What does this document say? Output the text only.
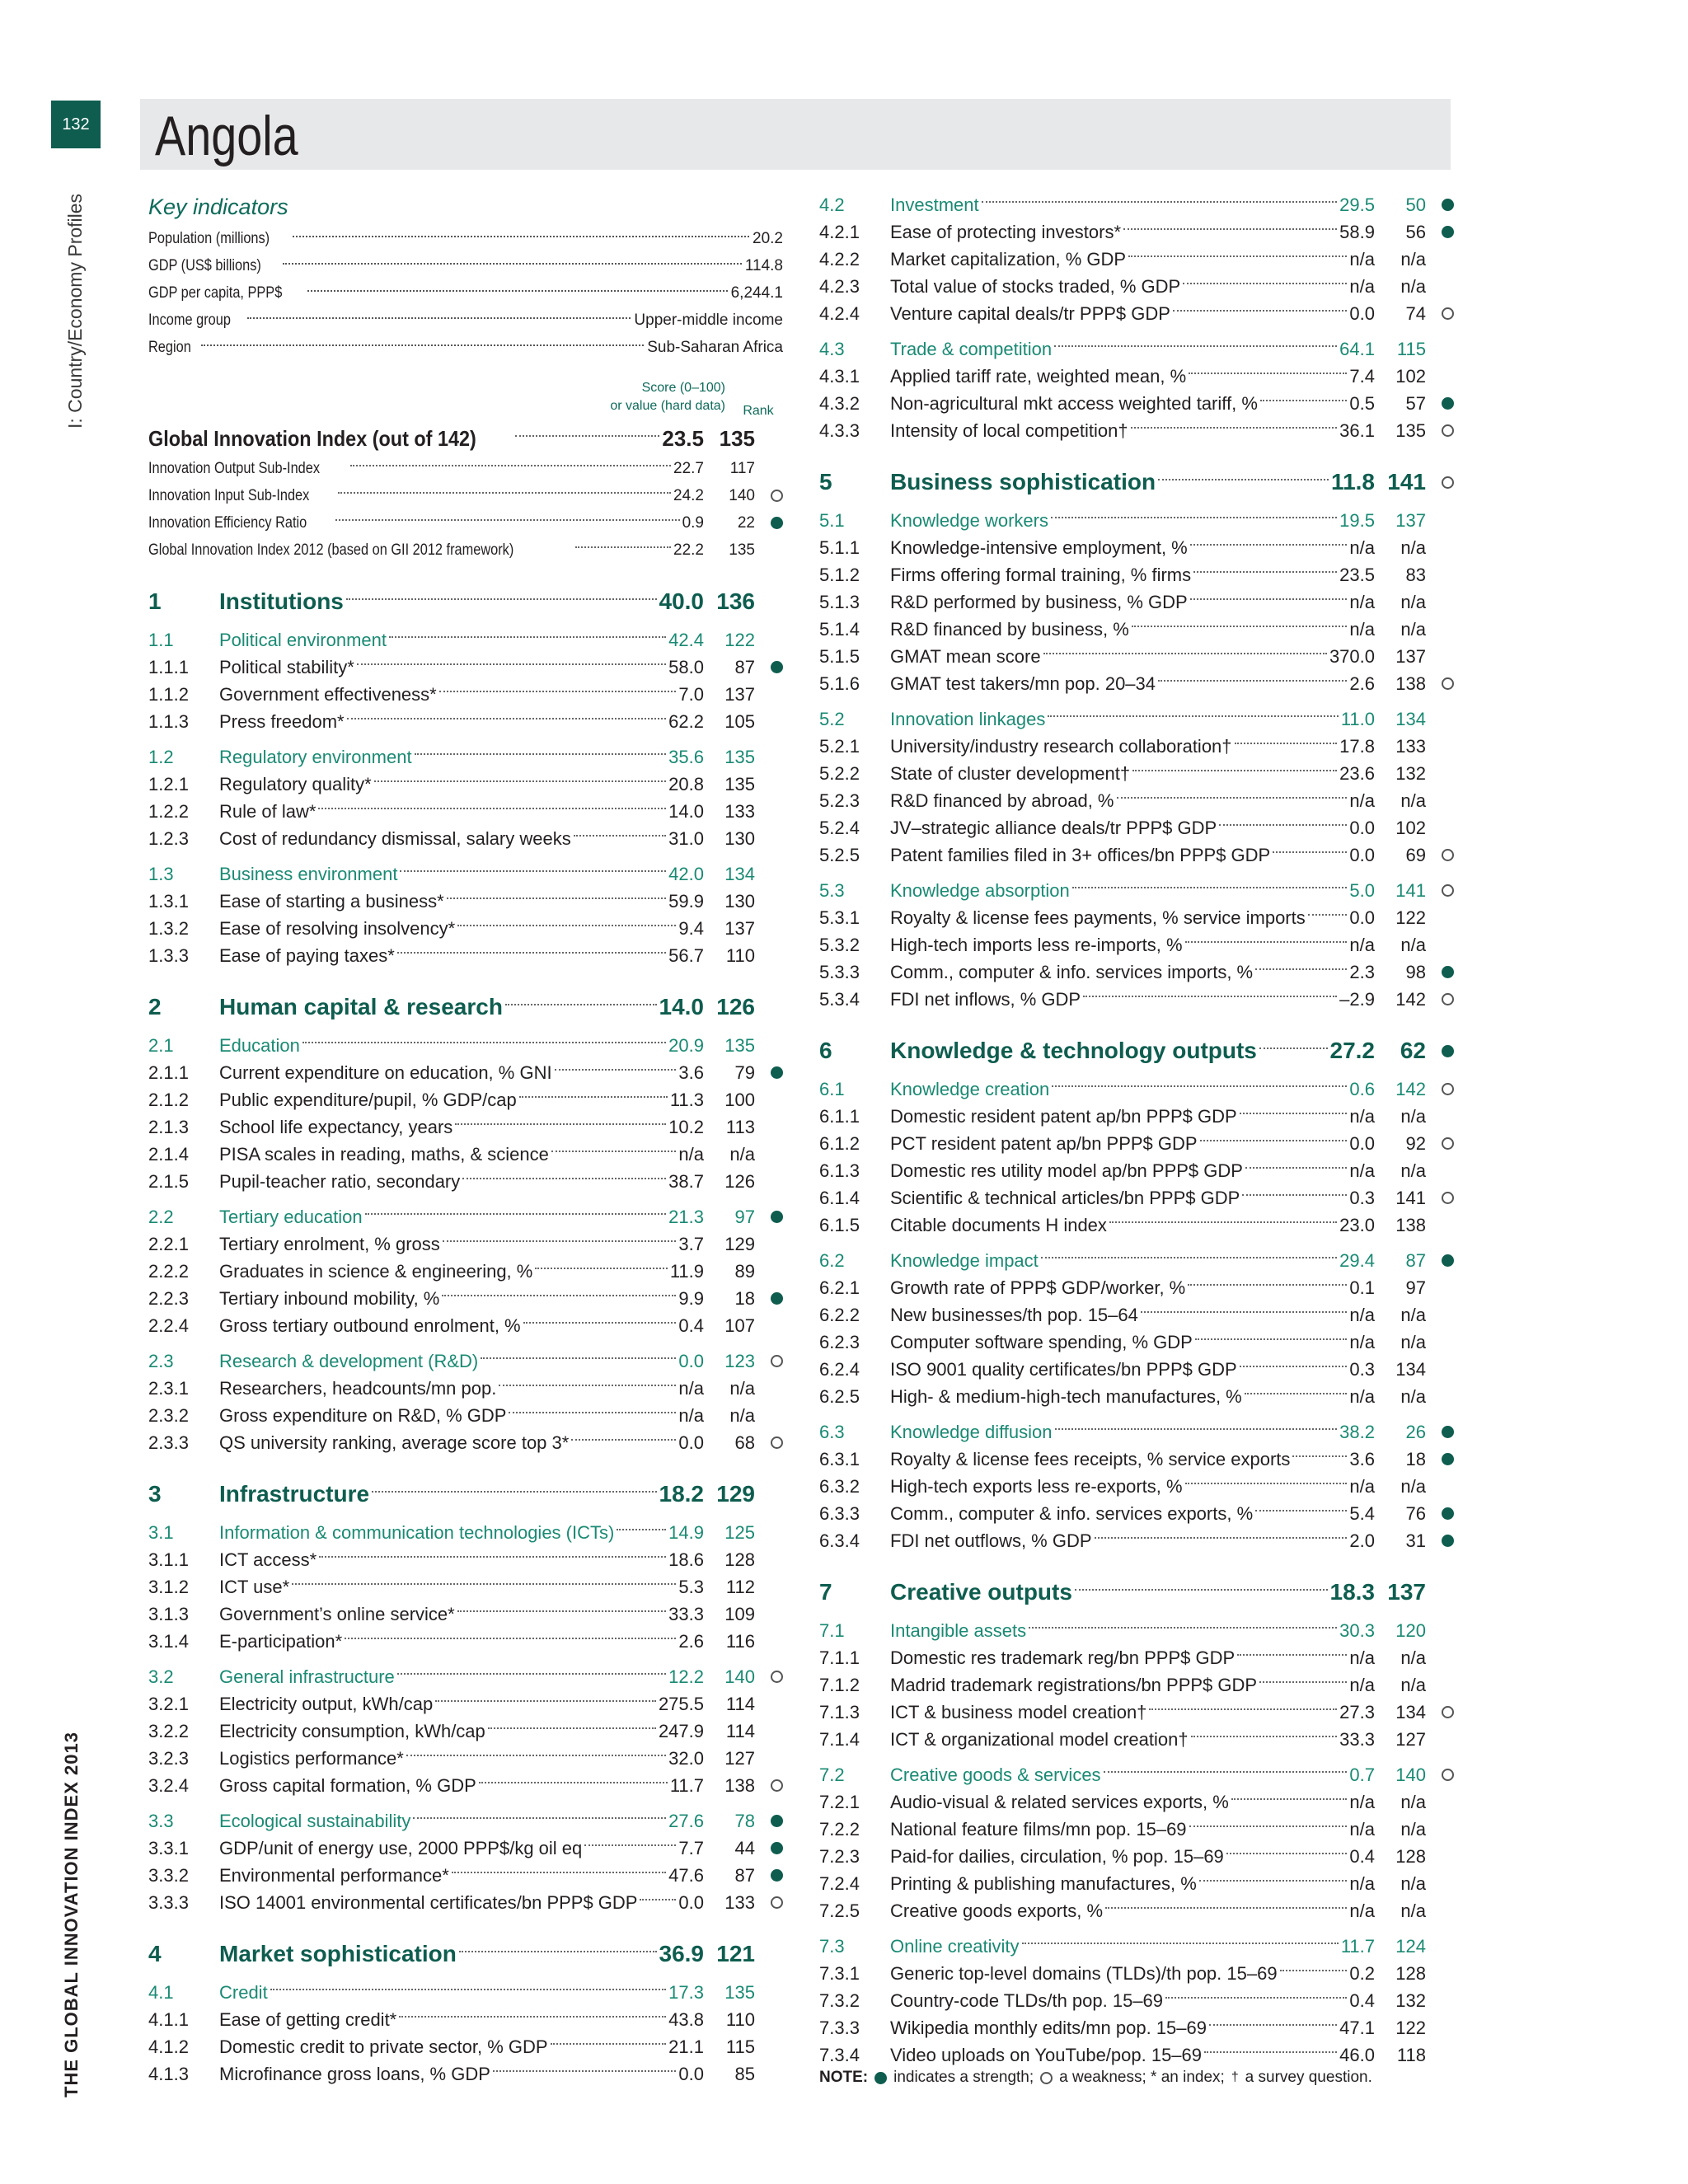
132
I: Country/Economy Profiles
THE GLOBAL INNOVATION INDEX 2013
Angola
Key indicators
Population (millions)	20.2
GDP (US$ billions)	114.8
GDP per capita, PPP$	6,244.1
Income group	Upper-middle income
Region	Sub-Saharan Africa
Score (0–100)
or value (hard data)	Rank
Global Innovation Index (out of 142)	23.5 135
Innovation Output Sub-Index	22.7	117
Innovation Input Sub-Index	24.2	140
Innovation Efficiency Ratio	0.9	22
Global Innovation Index 2012 (based on GII 2012 framework)	22.2	135
1	Institutions	40.0 136
1.1	Political environment	42.4	122
1.1.1	Political stability*	58.0	87
1.1.2	Government effectiveness*	7.0	137
1.1.3	Press freedom*	62.2	105
1.2	Regulatory environment	35.6	135
1.2.1	Regulatory quality*	20.8	135
1.2.2	Rule of law*	14.0	133
1.2.3	Cost of redundancy dismissal, salary weeks	31.0	130
1.3	Business environment	42.0	134
1.3.1	Ease of starting a business*	59.9	130
1.3.2	Ease of resolving insolvency*	9.4	137
1.3.3	Ease of paying taxes*	56.7	110
2	Human capital & research	14.0 126
2.1	Education	20.9	135
2.1.1	Current expenditure on education, % GNI	3.6	79
2.1.2	Public expenditure/pupil, % GDP/cap	11.3	100
2.1.3	School life expectancy, years	10.2	113
2.1.4	PISA scales in reading, maths, & science	n/a	n/a
2.1.5	Pupil-teacher ratio, secondary	38.7	126
2.2	Tertiary education	21.3	97
2.2.1	Tertiary enrolment, % gross	3.7	129
2.2.2	Graduates in science & engineering, %	11.9	89
2.2.3	Tertiary inbound mobility, %	9.9	18
2.2.4	Gross tertiary outbound enrolment, %	0.4	107
2.3	Research & development (R&D)	0.0	123
2.3.1	Researchers, headcounts/mn pop.	n/a	n/a
2.3.2	Gross expenditure on R&D, % GDP	n/a	n/a
2.3.3	QS university ranking, average score top 3*	0.0	68
3	Infrastructure	18.2 129
3.1	Information & communication technologies (ICTs)	14.9	125
3.1.1	ICT access*	18.6	128
3.1.2	ICT use*	5.3	112
3.1.3	Government’s online service*	33.3	109
3.1.4	E-participation*	2.6	116
3.2	General infrastructure	12.2	140
3.2.1	Electricity output, kWh/cap	275.5	114
3.2.2	Electricity consumption, kWh/cap	247.9	114
3.2.3	Logistics performance*	32.0	127
3.2.4	Gross capital formation, % GDP	11.7	138
3.3	Ecological sustainability	27.6	78
3.3.1	GDP/unit of energy use, 2000 PPP$/kg oil eq	7.7	44
3.3.2	Environmental performance*	47.6	87
3.3.3	ISO 14001 environmental certificates/bn PPP$ GDP 0.0	133
4	Market sophistication	36.9 121
4.1	Credit	17.3	135
4.1.1	Ease of getting credit*	43.8	110
4.1.2	Domestic credit to private sector, % GDP	21.1	115
4.1.3	Microfinance gross loans, % GDP	0.0	85
4.2	Investment	29.5	50
4.2.1	Ease of protecting investors*	58.9	56
4.2.2	Market capitalization, % GDP	n/a	n/a
4.2.3	Total value of stocks traded, % GDP	n/a	n/a
4.2.4	Venture capital deals/tr PPP$ GDP	0.0	74
4.3	Trade & competition	64.1	115
4.3.1	Applied tariff rate, weighted mean, %	7.4	102
4.3.2	Non-agricultural mkt access weighted tariff, %	0.5	57
4.3.3	Intensity of local competition†	36.1	135
5	Business sophistication	11.8 141
5.1	Knowledge workers	19.5	137
5.1.1	Knowledge-intensive employment, %	n/a	n/a
5.1.2	Firms offering formal training, % firms	23.5	83
5.1.3	R&D performed by business, % GDP	n/a	n/a
5.1.4	R&D financed by business, %	n/a	n/a
5.1.5	GMAT mean score	370.0	137
5.1.6	GMAT test takers/mn pop. 20–34	2.6	138
5.2	Innovation linkages	11.0	134
5.2.1	University/industry research collaboration†	17.8	133
5.2.2	State of cluster development†	23.6	132
5.2.3	R&D financed by abroad, %	n/a	n/a
5.2.4	JV–strategic alliance deals/tr PPP$ GDP	0.0	102
5.2.5	Patent families filed in 3+ offices/bn PPP$ GDP	0.0	69
5.3	Knowledge absorption	5.0	141
5.3.1	Royalty & license fees payments, % service imports 0.0	122
5.3.2	High-tech imports less re-imports, %	n/a	n/a
5.3.3	Comm., computer & info. services imports, %	2.3	98
5.3.4	FDI net inflows, % GDP	–2.9	142
6	Knowledge & technology outputs	27.2	62
6.1	Knowledge creation	0.6	142
6.1.1	Domestic resident patent ap/bn PPP$ GDP	n/a	n/a
6.1.2	PCT resident patent ap/bn PPP$ GDP	0.0	92
6.1.3	Domestic res utility model ap/bn PPP$ GDP	n/a	n/a
6.1.4	Scientific & technical articles/bn PPP$ GDP	0.3	141
6.1.5	Citable documents H index	23.0	138
6.2	Knowledge impact	29.4	87
6.2.1	Growth rate of PPP$ GDP/worker, %	0.1	97
6.2.2	New businesses/th pop. 15–64	n/a	n/a
6.2.3	Computer software spending, % GDP	n/a	n/a
6.2.4	ISO 9001 quality certificates/bn PPP$ GDP	0.3	134
6.2.5	High- & medium-high-tech manufactures, %	n/a	n/a
6.3	Knowledge diffusion	38.2	26
6.3.1	Royalty & license fees receipts, % service exports	3.6	18
6.3.2	High-tech exports less re-exports, %	n/a	n/a
6.3.3	Comm., computer & info. services exports, %	5.4	76
6.3.4	FDI net outflows, % GDP	2.0	31
7	Creative outputs	18.3 137
7.1	Intangible assets	30.3	120
7.1.1	Domestic res trademark reg/bn PPP$ GDP	n/a	n/a
7.1.2	Madrid trademark registrations/bn PPP$ GDP	n/a	n/a
7.1.3	ICT & business model creation†	27.3	134
7.1.4	ICT & organizational model creation†	33.3	127
7.2	Creative goods & services	0.7	140
7.2.1	Audio-visual & related services exports, %	n/a	n/a
7.2.2	National feature films/mn pop. 15–69	n/a	n/a
7.2.3	Paid-for dailies, circulation, % pop. 15–69	0.4	128
7.2.4	Printing & publishing manufactures, %	n/a	n/a
7.2.5	Creative goods exports, %	n/a	n/a
7.3	Online creativity	11.7	124
7.3.1	Generic top-level domains (TLDs)/th pop. 15–69	0.2	128
7.3.2	Country-code TLDs/th pop. 15–69	0.4	132
7.3.3	Wikipedia monthly edits/mn pop. 15–69	47.1	122
7.3.4	Video uploads on YouTube/pop. 15–69	46.0	118
NOTE: indicates a strength; a weakness; * an index; † a survey question.
